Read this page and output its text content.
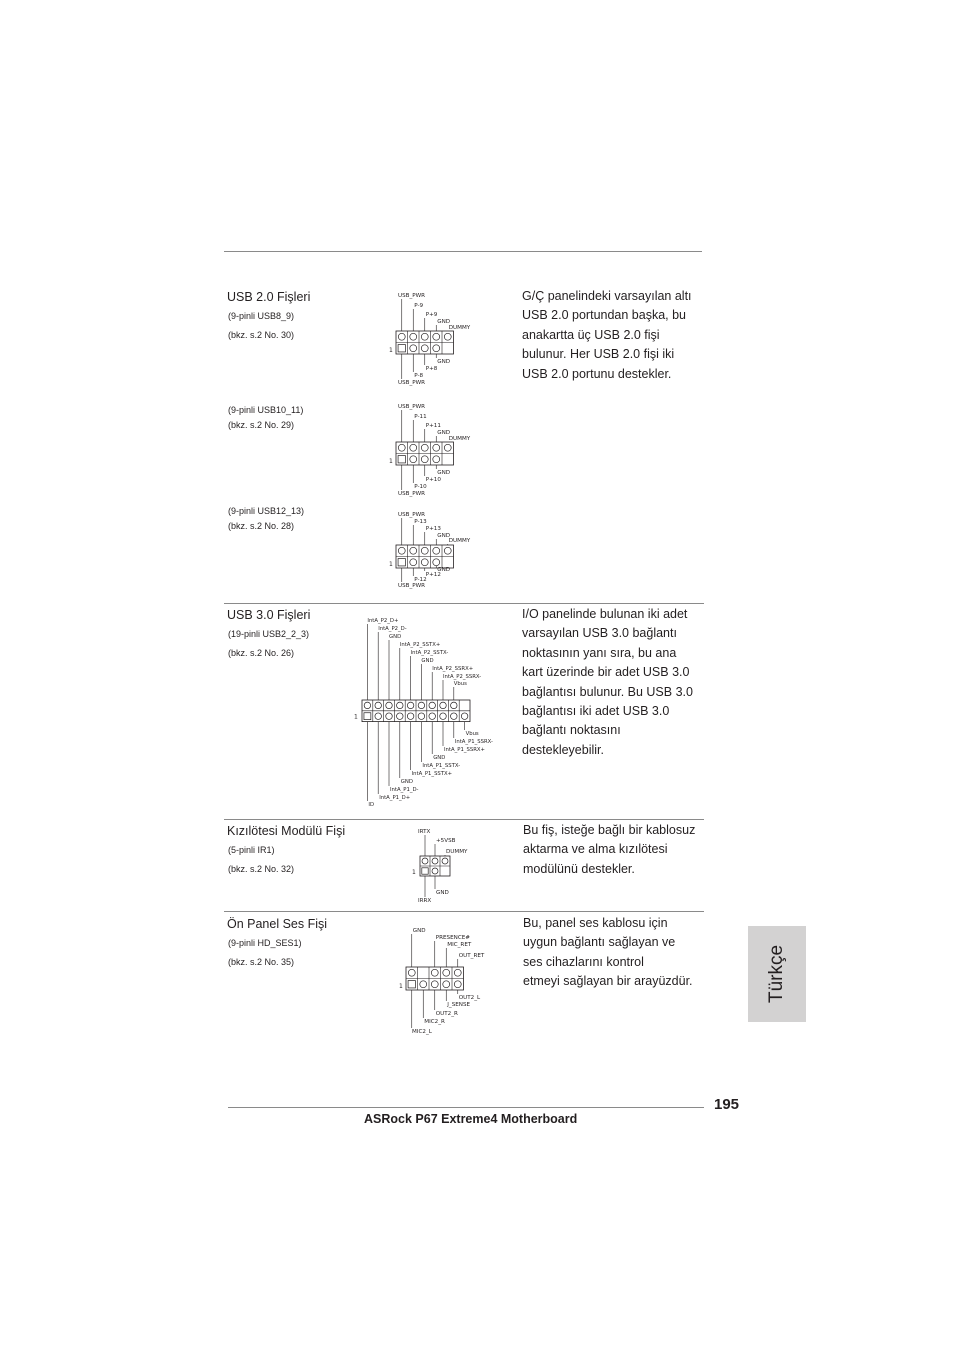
USB 2.0 Fişleri
(9-pinli USB8_9)
(bkz. s.2 No. 30)
(9-pinli USB10_11)
(bkz. s.2 No. 29)
(9-pinli USB12_13)
(bkz. s.2 No. 28)
G/Ç panelindeki varsayılan altı
USB 2.0 portundan başka, bu
anakartta üç USB 2.0 fişi
bulunur. Her USB 2.0 fişi iki
USB 2.0 portunu destekler.
1
USB_PWR
P-9
P+9
GND
DUMMY
GND
P+8
P-8
USB_PWR
1
USB_PWR
P-11
P+11
GND
DUMMY
GND
P+10
P-10
USB_PWR
1
USB_PWR
P-13
P+13
GND
DUMMY
GND
P+12
P-12
USB_PWR
USB 3.0 Fişleri
(19-pinli USB2_2_3)
(bkz. s.2 No. 26)
I/O panelinde bulunan iki adet
varsayılan USB 3.0 bağlantı
noktasının yanı sıra, bu ana
kart üzerinde bir adet USB 3.0
bağlantısı bulunur. Bu USB 3.0
bağlantısı iki adet USB 3.0
bağlantı noktasını
destekleyebilir.
1
IntA_P2_D+
IntA_P2_D-
GND
IntA_P2_SSTX+
IntA_P2_SSTX-
GND
IntA_P2_SSRX+
IntA_P2_SSRX-
Vbus
Vbus
IntA_P1_SSRX-
IntA_P1_SSRX+
GND
IntA_P1_SSTX-
IntA_P1_SSTX+
GND
IntA_P1_D-
IntA_P1_D+
ID
Kızılötesi Modülü Fişi
(5-pinli IR1)
(bkz. s.2 No. 32)
Bu fiş, isteğe bağlı bir kablosuz
aktarma ve alma kızılötesi
modülünü destekler.
1
IRTX
+5VSB
DUMMY
GND
IRRX
Ön Panel Ses Fişi
(9-pinli HD_SES1)
(bkz. s.2 No. 35)
Bu, panel ses kablosu için
uygun bağlantı sağlayan ve
ses cihazlarını kontrol
etmeyi sağlayan bir arayüzdür.
1
GND
PRESENCE#
MIC_RET
OUT_RET
OUT2_L
J_SENSE
OUT2_R
MIC2_R
MIC2_L
Türkçe
ASRock P67 Extreme4 Motherboard
195
